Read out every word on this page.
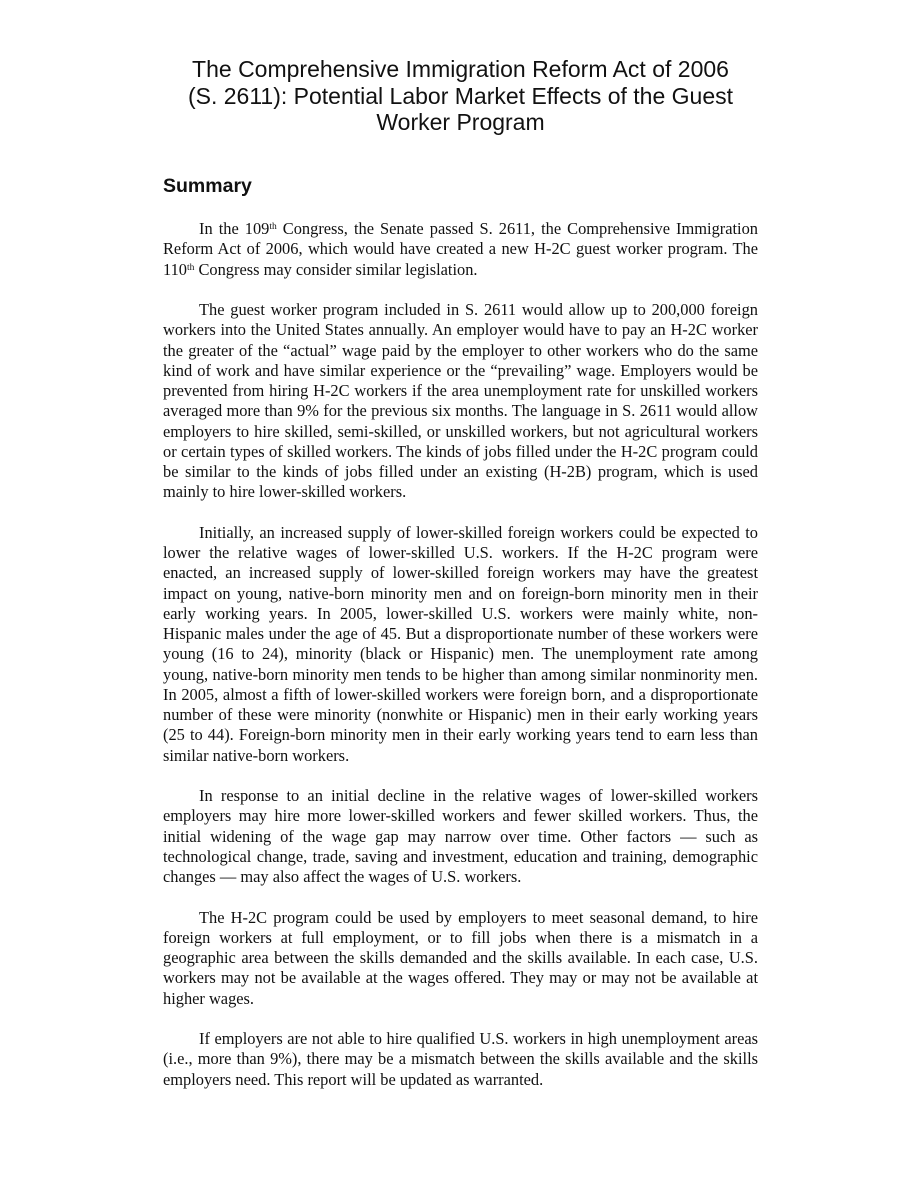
The Comprehensive Immigration Reform Act of 2006
(S. 2611): Potential Labor Market Effects of the Guest
Worker Program
Summary

In the 109th Congress, the Senate passed S. 2611, the Comprehensive Immigration Reform Act of 2006, which would have created a new H-2C guest worker program. The 110th Congress may consider similar legislation.

The guest worker program included in S. 2611 would allow up to 200,000 foreign workers into the United States annually. An employer would have to pay an H-2C worker the greater of the “actual” wage paid by the employer to other workers who do the same kind of work and have similar experience or the “prevailing” wage. Employers would be prevented from hiring H-2C workers if the area unemployment rate for unskilled workers averaged more than 9% for the previous six months. The language in S. 2611 would allow employers to hire skilled, semi-skilled, or unskilled workers, but not agricultural workers or certain types of skilled workers. The kinds of jobs filled under the H-2C program could be similar to the kinds of jobs filled under an existing (H-2B) program, which is used mainly to hire lower-skilled workers.

Initially, an increased supply of lower-skilled foreign workers could be expected to lower the relative wages of lower-skilled U.S. workers. If the H-2C program were enacted, an increased supply of lower-skilled foreign workers may have the greatest impact on young, native-born minority men and on foreign-born minority men in their early working years. In 2005, lower-skilled U.S. workers were mainly white, non-Hispanic males under the age of 45. But a disproportionate number of these workers were young (16 to 24), minority (black or Hispanic) men. The unemployment rate among young, native-born minority men tends to be higher than among similar nonminority men. In 2005, almost a fifth of lower-skilled workers were foreign born, and a disproportionate number of these were minority (nonwhite or Hispanic) men in their early working years (25 to 44). Foreign-born minority men in their early working years tend to earn less than similar native-born workers.

In response to an initial decline in the relative wages of lower-skilled workers employers may hire more lower-skilled workers and fewer skilled workers. Thus, the initial widening of the wage gap may narrow over time. Other factors — such as technological change, trade, saving and investment, education and training, demographic changes — may also affect the wages of U.S. workers.

The H-2C program could be used by employers to meet seasonal demand, to hire foreign workers at full employment, or to fill jobs when there is a mismatch in a geographic area between the skills demanded and the skills available. In each case, U.S. workers may not be available at the wages offered. They may or may not be available at higher wages.

If employers are not able to hire qualified U.S. workers in high unemployment areas (i.e., more than 9%), there may be a mismatch between the skills available and the skills employers need. This report will be updated as warranted.
